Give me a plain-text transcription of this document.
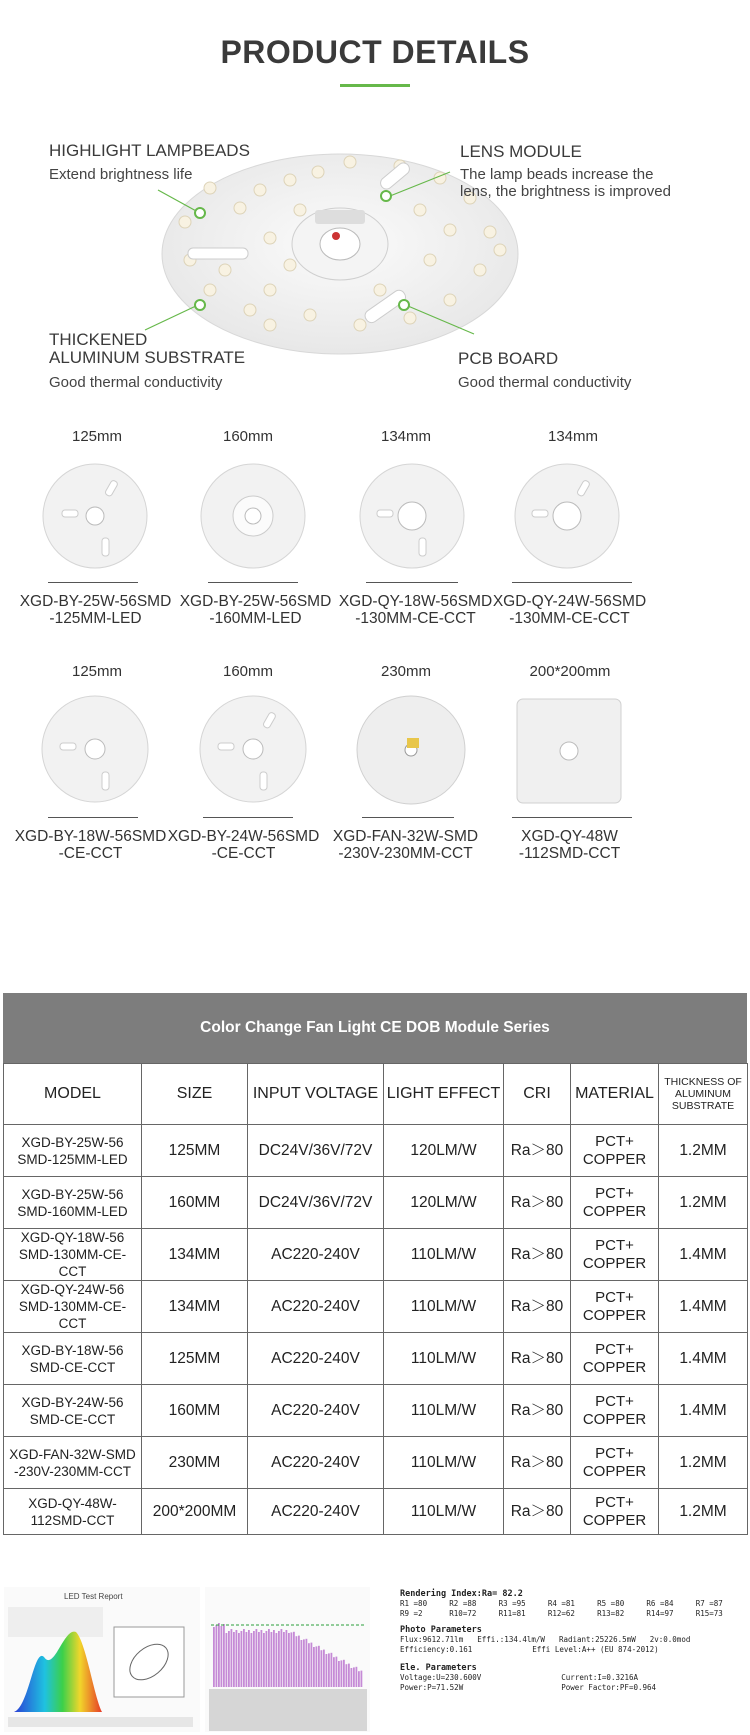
PRODUCT DETAILS
HIGHLIGHT LAMPBEADS
Extend brightness life
LENS MODULE
The lamp beads increase the
lens, the brightness is improved
THICKENED
ALUMINUM SUBSTRATE
Good thermal conductivity
PCB BOARD
Good thermal conductivity
125mm	160mm	134mm	134mm
XGD-BY-25W-56SMD
-125MM-LED
XGD-BY-25W-56SMD
-160MM-LED
XGD-QY-18W-56SMD
-130MM-CE-CCT
XGD-QY-24W-56SMD
-130MM-CE-CCT
125mm	160mm	230mm	200*200mm
XGD-BY-18W-56SMD
-CE-CCT
XGD-BY-24W-56SMD
-CE-CCT
XGD-FAN-32W-SMD
-230V-230MM-CCT
XGD-QY-48W
-112SMD-CCT
Color Change Fan Light CE DOB Module Series
MODEL	SIZE	INPUT VOLTAGE	LIGHT EFFECT	CRI	MATERIAL	THICKNESS OF
ALUMINUM
SUBSTRATE
XGD-BY-25W-56
SMD-125MM-LED	125MM	DC24V/36V/72V	120LM/W	Ra＞80	PCT+
COPPER	1.2MM
XGD-BY-25W-56
SMD-160MM-LED	160MM	DC24V/36V/72V	120LM/W	Ra＞80	PCT+
COPPER	1.2MM
XGD-QY-18W-56
SMD-130MM-CE-CCT	134MM	AC220-240V	110LM/W	Ra＞80	PCT+
COPPER	1.4MM
XGD-QY-24W-56
SMD-130MM-CE-CCT	134MM	AC220-240V	110LM/W	Ra＞80	PCT+
COPPER	1.4MM
XGD-BY-18W-56
SMD-CE-CCT	125MM	AC220-240V	110LM/W	Ra＞80	PCT+
COPPER	1.4MM
XGD-BY-24W-56
SMD-CE-CCT	160MM	AC220-240V	110LM/W	Ra＞80	PCT+
COPPER	1.4MM
XGD-FAN-32W-SMD
-230V-230MM-CCT	230MM	AC220-240V	110LM/W	Ra＞80	PCT+
COPPER	1.2MM
XGD-QY-48W-
112SMD-CCT	200*200MM	AC220-240V	110LM/W	Ra＞80	PCT+
COPPER	1.2MM
LED Test Report	Rendering Index:Ra= 82.2
R1 =80	R2 =88	R3 =95	R4 =81	R5 =80	R6 =84	R7 =87
R9 =2	R10=72	R11=81	R12=62	R13=82	R14=97	R15=73
Photo Parameters
Flux:9612.71lm Effi.:134.4lm/W Radiant:25226.5mW 2v:0.0mod
Efficiency:0.161	Effi Level:A++ (EU 874-2012)
Ele. Parameters
Voltage:U=230.600V	Current:I=0.3216A
Power:P=71.52W	Power Factor:PF=0.964
